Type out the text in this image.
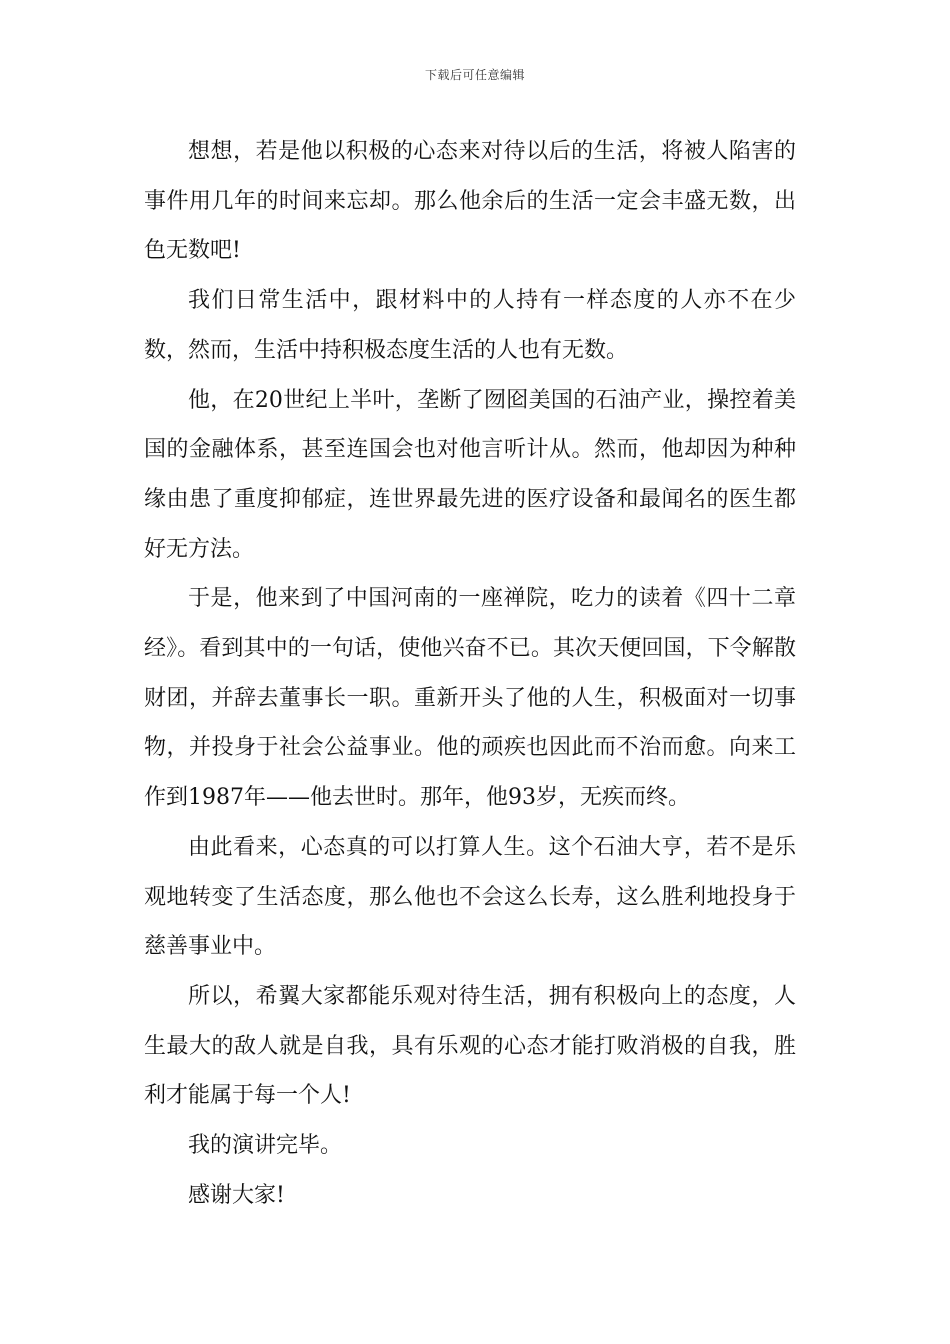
下载后可任意编辑

想想，若是他以积极的心态来对待以后的生活，将被人陷害的事件用几年的时间来忘却。那么他余后的生活一定会丰盛无数，出色无数吧!

我们日常生活中，跟材料中的人持有一样态度的人亦不在少数，然而，生活中持积极态度生活的人也有无数。

他，在20世纪上半叶，垄断了囫囵美国的石油产业，操控着美国的金融体系，甚至连国会也对他言听计从。然而，他却因为种种缘由患了重度抑郁症，连世界最先进的医疗设备和最闻名的医生都好无方法。

于是，他来到了中国河南的一座禅院，吃力的读着《四十二章经》。看到其中的一句话，使他兴奋不已。其次天便回国，下令解散财团，并辞去董事长一职。重新开头了他的人生，积极面对一切事物，并投身于社会公益事业。他的顽疾也因此而不治而愈。向来工作到1987年——他去世时。那年，他93岁，无疾而终。

由此看来，心态真的可以打算人生。这个石油大亨，若不是乐观地转变了生活态度，那么他也不会这么长寿，这么胜利地投身于慈善事业中。

所以，希翼大家都能乐观对待生活，拥有积极向上的态度，人生最大的敌人就是自我，具有乐观的心态才能打败消极的自我，胜利才能属于每一个人!

我的演讲完毕。

感谢大家!
